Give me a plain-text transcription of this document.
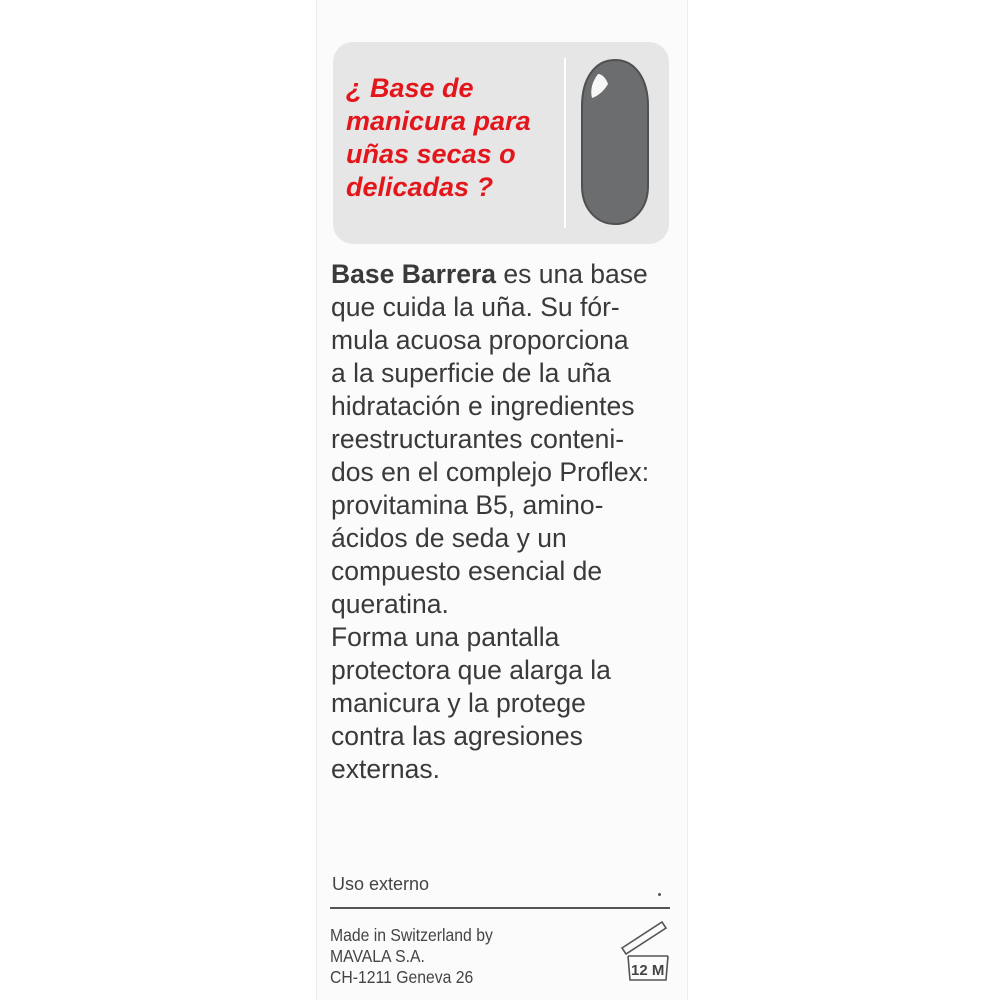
¿ Base de
manicura para
uñas secas o
delicadas ?
Base Barrera es una base
que cuida la uña. Su fór-
mula acuosa proporciona
a la superficie de la uña
hidratación e ingredientes
reestructurantes conteni-
dos en el complejo Proflex:
provitamina B5, amino-
ácidos de seda y un
compuesto esencial de
queratina.
Forma una pantalla
protectora que alarga la
manicura y la protege
contra las agresiones
externas.
Uso externo
Made in Switzerland by
MAVALA S.A.
CH-1211 Geneva 26	12 M
